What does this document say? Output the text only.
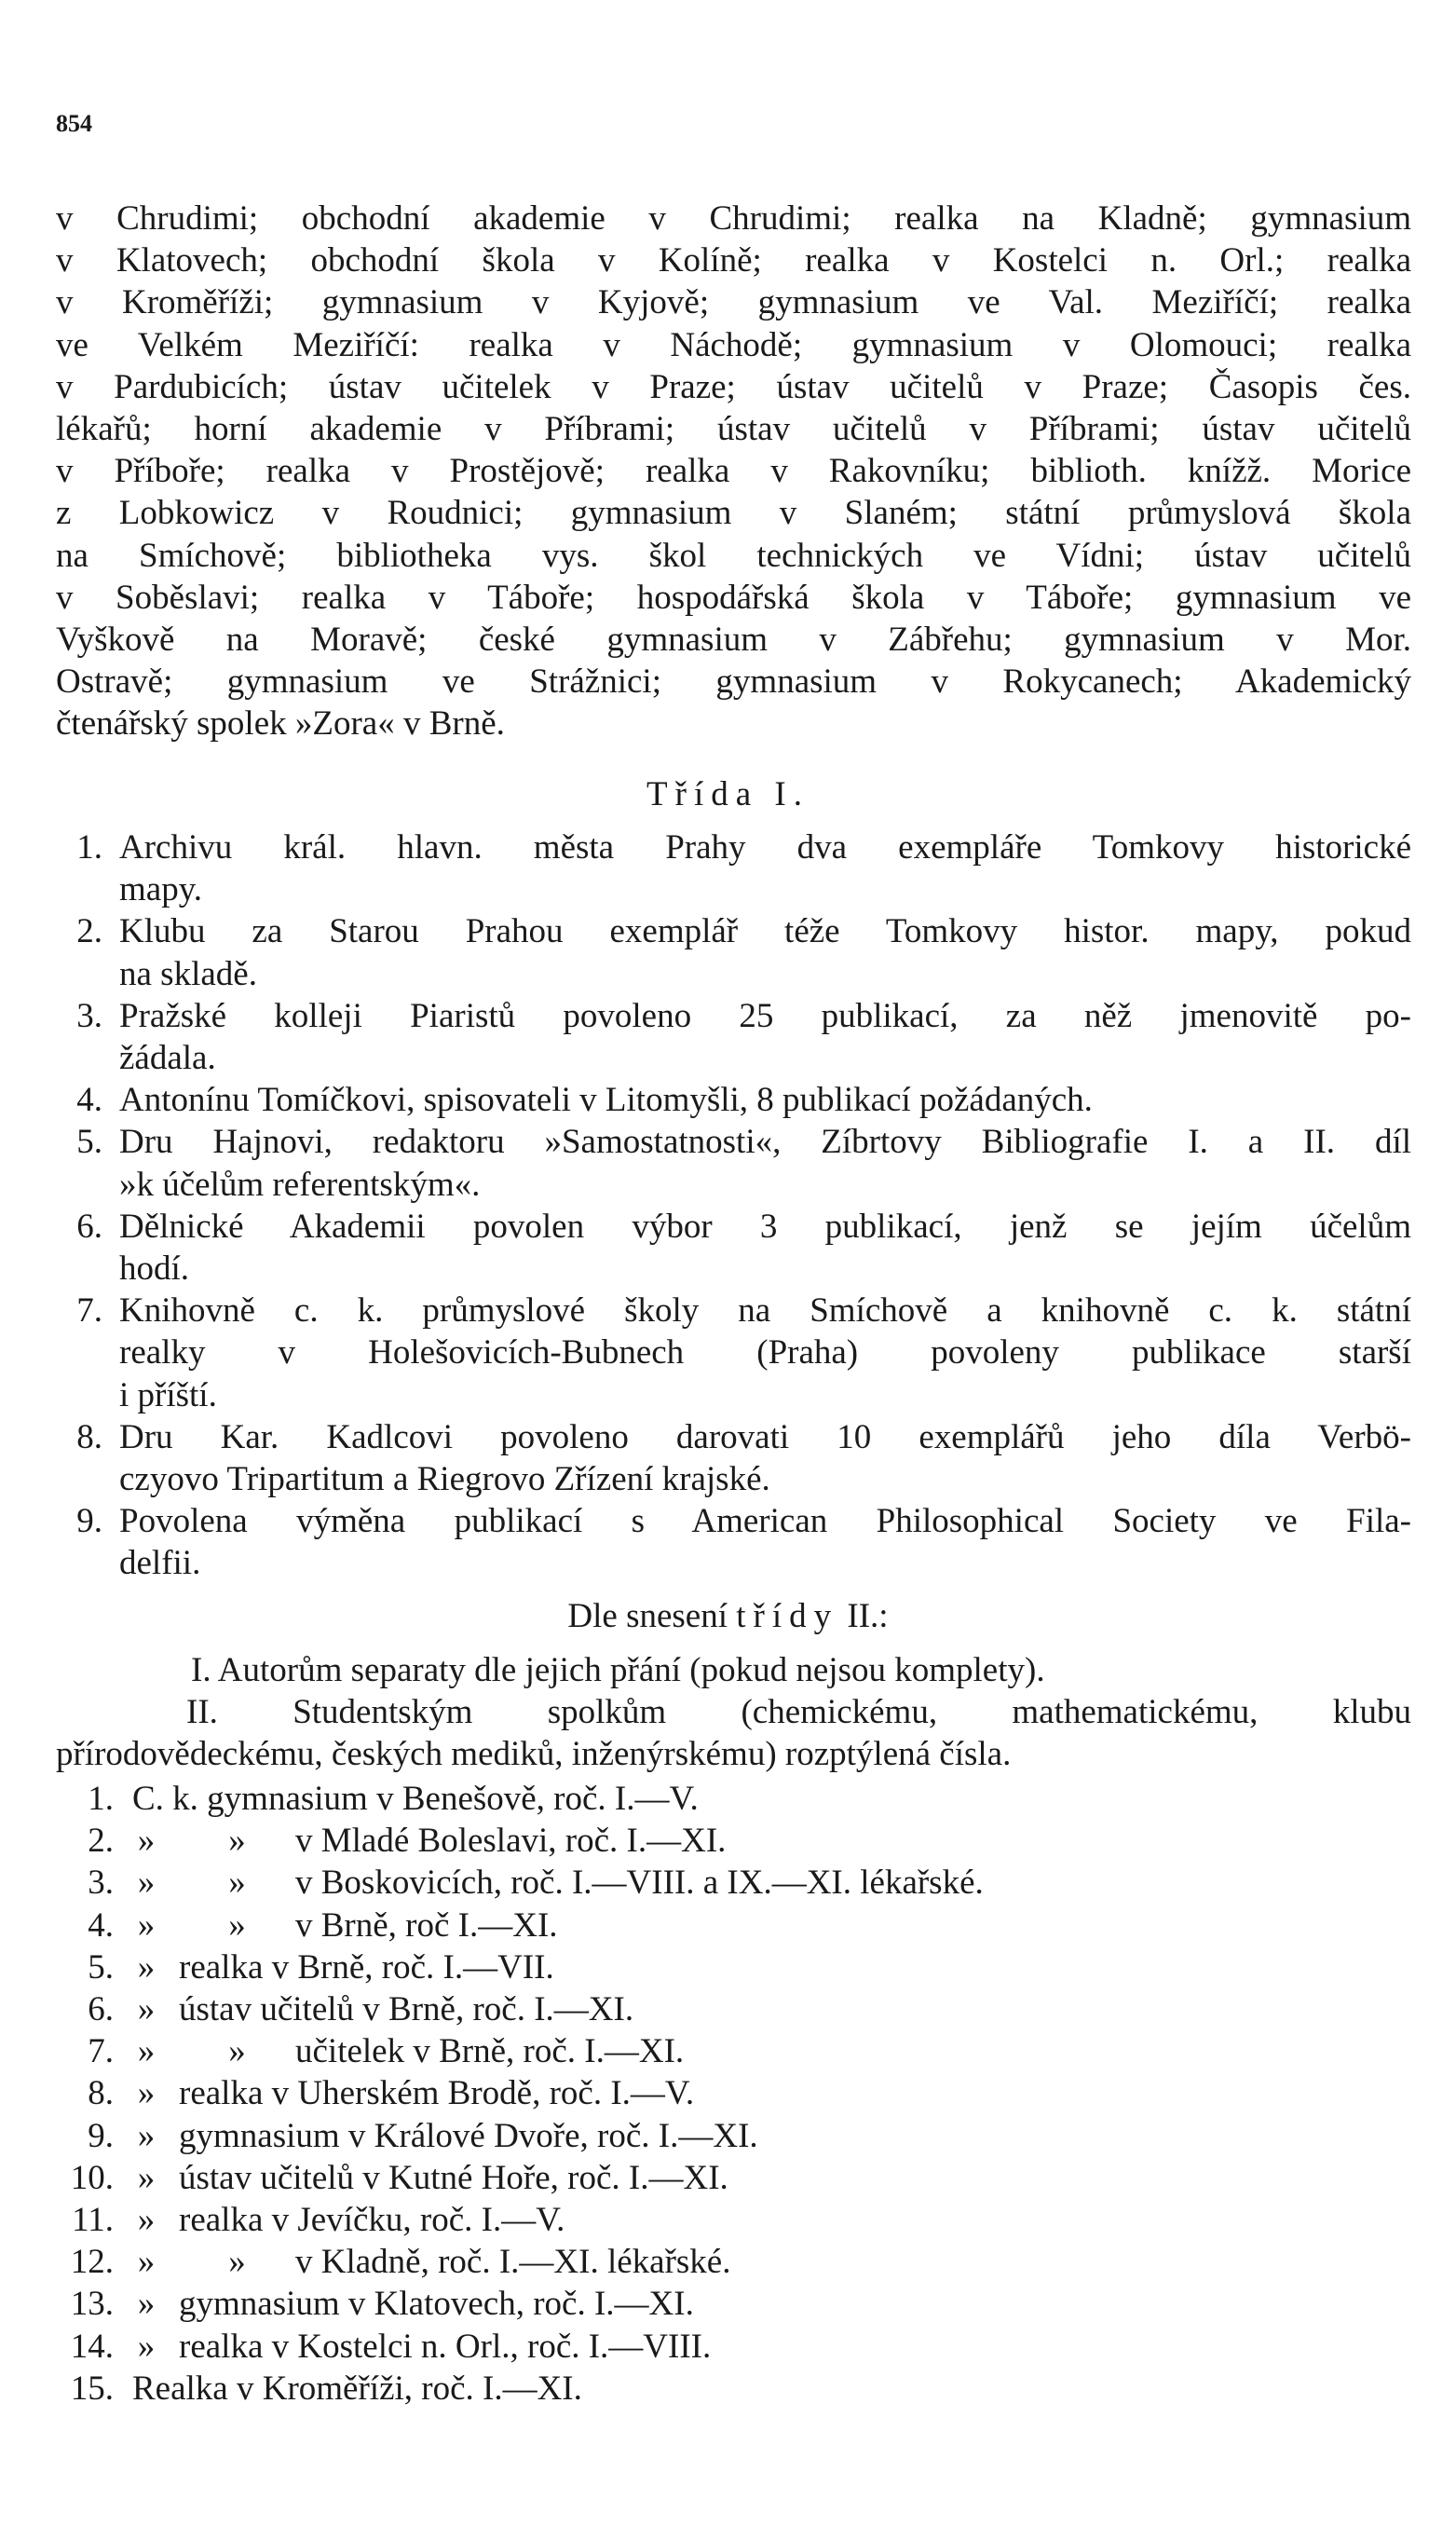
854

v Chrudimi; obchodní akademie v Chrudimi; realka na Kladně; gymnasium
v Klatovech; obchodní škola v Kolíně; realka v Kostelci n. Orl.; realka
v Kroměříži; gymnasium v Kyjově; gymnasium ve Val. Meziříčí; realka
ve Velkém Meziříčí: realka v Náchodě; gymnasium v Olomouci; realka
v Pardubicích; ústav učitelek v Praze; ústav učitelů v Praze; Časopis čes.
lékařů; horní akademie v Příbrami; ústav učitelů v Příbrami; ústav učitelů
v Příboře; realka v Prostějově; realka v Rakovníku; biblioth. knížž. Morice
z Lobkowicz v Roudnici; gymnasium v Slaném; státní průmyslová škola
na Smíchově; bibliotheka vys. škol technických ve Vídni; ústav učitelů
v Soběslavi; realka v Táboře; hospodářská škola v Táboře; gymnasium ve
Vyškově na Moravě; české gymnasium v Zábřehu; gymnasium v Mor.
Ostravě; gymnasium ve Strážnici; gymnasium v Rokycanech; Akademický
čtenářský spolek »Zora« v Brně.

Třída I.
1. Archivu král. hlavn. města Prahy dva exempláře Tomkovy historické
mapy.
2. Klubu za Starou Prahou exemplář téže Tomkovy histor. mapy, pokud
na skladě.
3. Pražské kolleji Piaristů povoleno 25 publikací, za něž jmenovitě po-
žádala.
4. Antonínu Tomíčkovi, spisovateli v Litomyšli, 8 publikací požádaných.
5. Dru Hajnovi, redaktoru »Samostatnosti«, Zíbrtovy Bibliografie I. a II. díl
»k účelům referentským«.
6. Dělnické Akademii povolen výbor 3 publikací, jenž se jejím účelům
hodí.
7. Knihovně c. k. průmyslové školy na Smíchově a knihovně c. k. státní
realky v Holešovicích-Bubnech (Praha) povoleny publikace starší
i příští.
8. Dru Kar. Kadlcovi povoleno darovati 10 exemplářů jeho díla Verbö-
czyovo Tripartitum a Riegrovo Zřízení krajské.
9. Povolena výměna publikací s American Philosophical Society ve Fila-
delfii.
Dle snesení třídy II.:
I. Autorům separaty dle jejich přání (pokud nejsou komplety).
II. Studentským spolkům (chemickému, mathematickému, klubu
přírodovědeckému, českých mediků, inženýrskému) rozptýlená čísla.
1. C. k. gymnasium v Benešově, roč. I.—V.
2. »	»	v Mladé Boleslavi, roč. I.—XI.
3. »	»	v Boskovicích, roč. I.—VIII. a IX.—XI. lékařské.
4. »	»	v Brně, roč I.—XI.
5. » realka v Brně, roč. I.—VII.
6. » ústav učitelů v Brně, roč. I.—XI.
7. »	»	učitelek v Brně, roč. I.—XI.
8. » realka v Uherském Brodě, roč. I.—V.
9. » gymnasium v Králové Dvoře, roč. I.—XI.
10. » ústav učitelů v Kutné Hoře, roč. I.—XI.
11. » realka v Jevíčku, roč. I.—V.
12. »	»	v Kladně, roč. I.—XI. lékařské.
13. » gymnasium v Klatovech, roč. I.—XI.
14. » realka v Kostelci n. Orl., roč. I.—VIII.
15. Realka v Kroměříži, roč. I.—XI.
